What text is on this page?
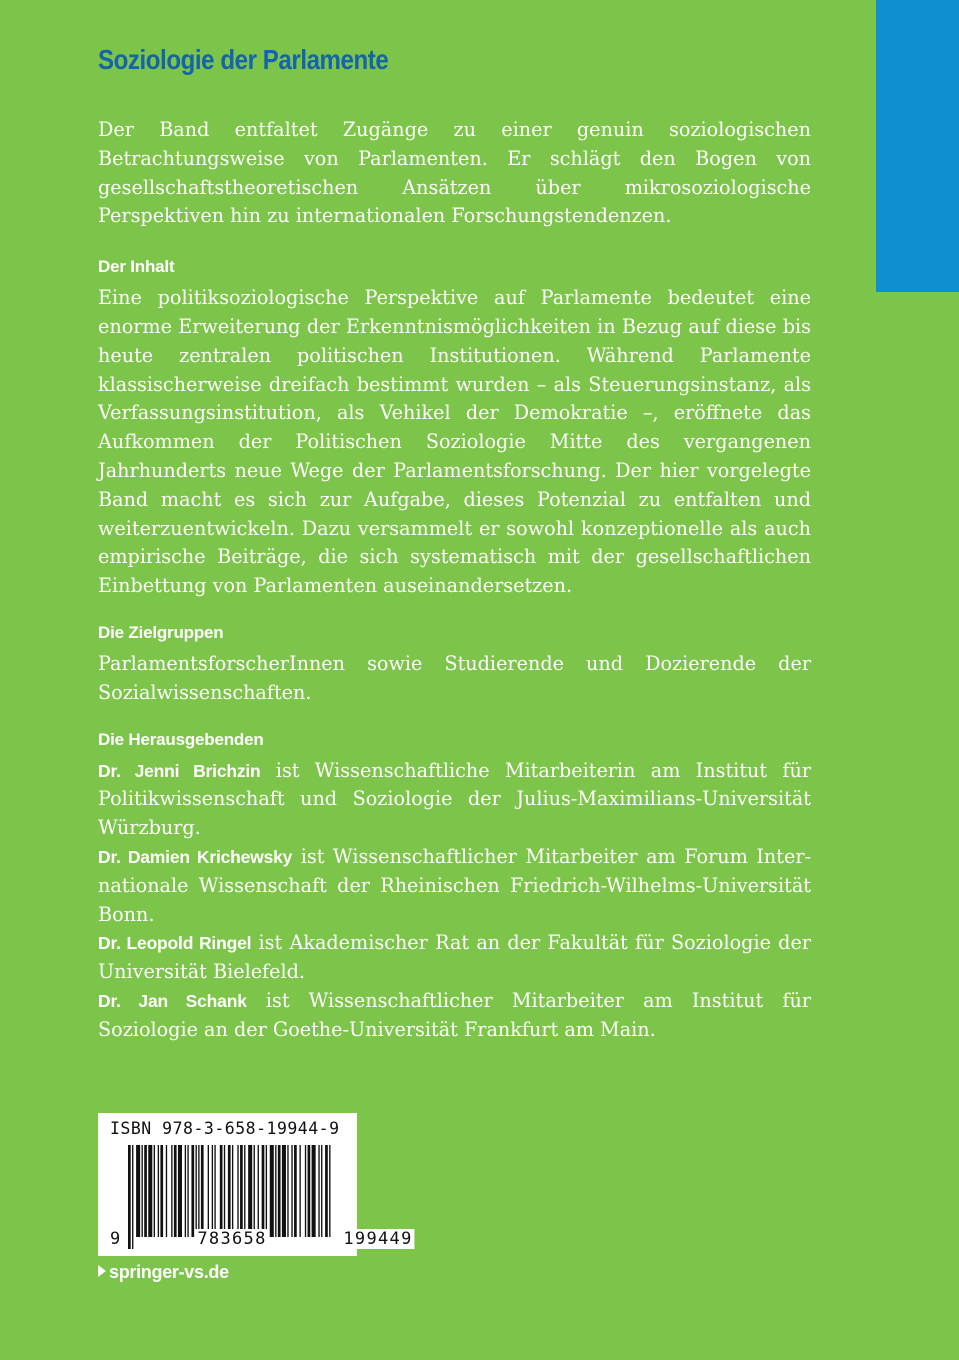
Soziologie der Parlamente

Der Band entfaltet Zugänge zu einer genuin soziologischen Betrachtungsweise von Parlamenten. Er schlägt den Bogen von gesellschaftstheoretischen Ansätzen über mikrosoziologische Perspektiven hin zu internationalen Forschungstendenzen.

Der Inhalt

Eine politiksoziologische Perspektive auf Parlamente bedeutet eine enorme Erweiterung der Erkenntnismöglichkeiten in Bezug auf diese bis heute zentralen politischen Institutionen. Während Parlamente klassischerweise dreifach bestimmt wurden – als Steuerungsinstanz, als Verfassungsinstitution, als Vehikel der Demokratie –, eröffnete das Aufkommen der Politischen Soziologie Mitte des vergangenen Jahrhunderts neue Wege der Parlamentsforschung. Der hier vorgelegte Band macht es sich zur Aufgabe, dieses Potenzial zu entfalten und weiterzuentwickeln. Dazu versammelt er sowohl konzeptionelle als auch empirische Beiträge, die sich systematisch mit der gesellschaftlichen Einbettung von Parlamenten auseinandersetzen.

Die Zielgruppen

ParlamentsforscherInnen sowie Studierende und Dozierende der Sozialwissenschaften.

Die Herausgebenden

Dr. Jenni Brichzin ist Wissenschaftliche Mitarbeiterin am Institut für Politikwissenschaft und Soziologie der Julius-Maximilians-Universität Würzburg.

Dr. Damien Krichewsky ist Wissenschaftlicher Mitarbeiter am Forum Internationale Wissenschaft der Rheinischen Friedrich-Wilhelms-Universität Bonn.

Dr. Leopold Ringel ist Akademischer Rat an der Fakultät für Soziologie der Universität Bielefeld.

Dr. Jan Schank ist Wissenschaftlicher Mitarbeiter am Institut für Soziologie an der Goethe-Universität Frankfurt am Main.

ISBN 978-3-658-19944-9
9	783658	199449
springer-vs.de
